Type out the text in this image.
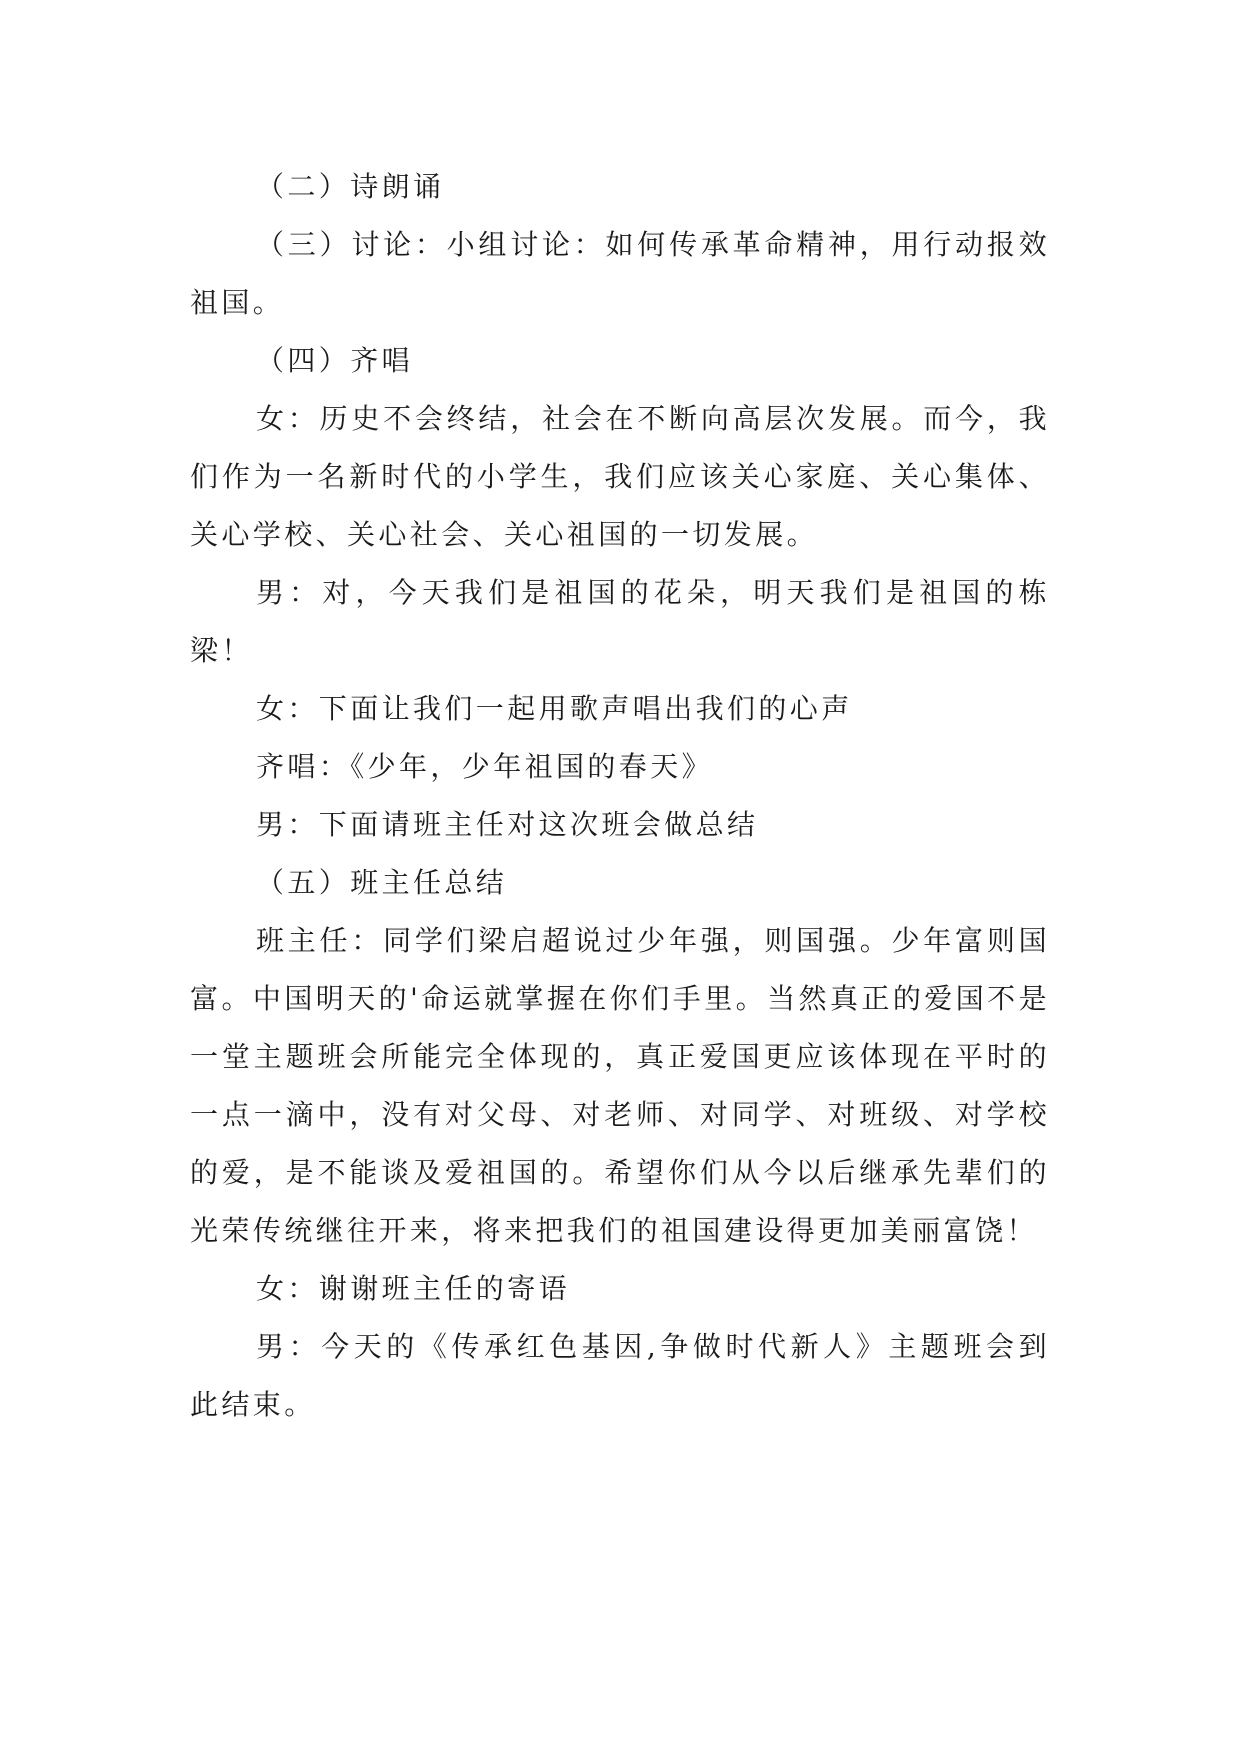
（二）诗朗诵

（三）讨论：小组讨论：如何传承革命精神，用行动报效祖国。

（四）齐唱

女：历史不会终结，社会在不断向高层次发展。而今，我们作为一名新时代的小学生，我们应该关心家庭、关心集体、关心学校、关心社会、关心祖国的一切发展。

男：对，今天我们是祖国的花朵，明天我们是祖国的栋梁！

女：下面让我们一起用歌声唱出我们的心声

齐唱：《少年，少年祖国的春天》

男：下面请班主任对这次班会做总结

（五）班主任总结

班主任：同学们梁启超说过少年强，则国强。少年富则国富。中国明天的'命运就掌握在你们手里。当然真正的爱国不是一堂主题班会所能完全体现的，真正爱国更应该体现在平时的一点一滴中，没有对父母、对老师、对同学、对班级、对学校的爱，是不能谈及爱祖国的。希望你们从今以后继承先辈们的光荣传统继往开来，将来把我们的祖国建设得更加美丽富饶！

女：谢谢班主任的寄语

男：今天的《传承红色基因,争做时代新人》主题班会到此结束。
